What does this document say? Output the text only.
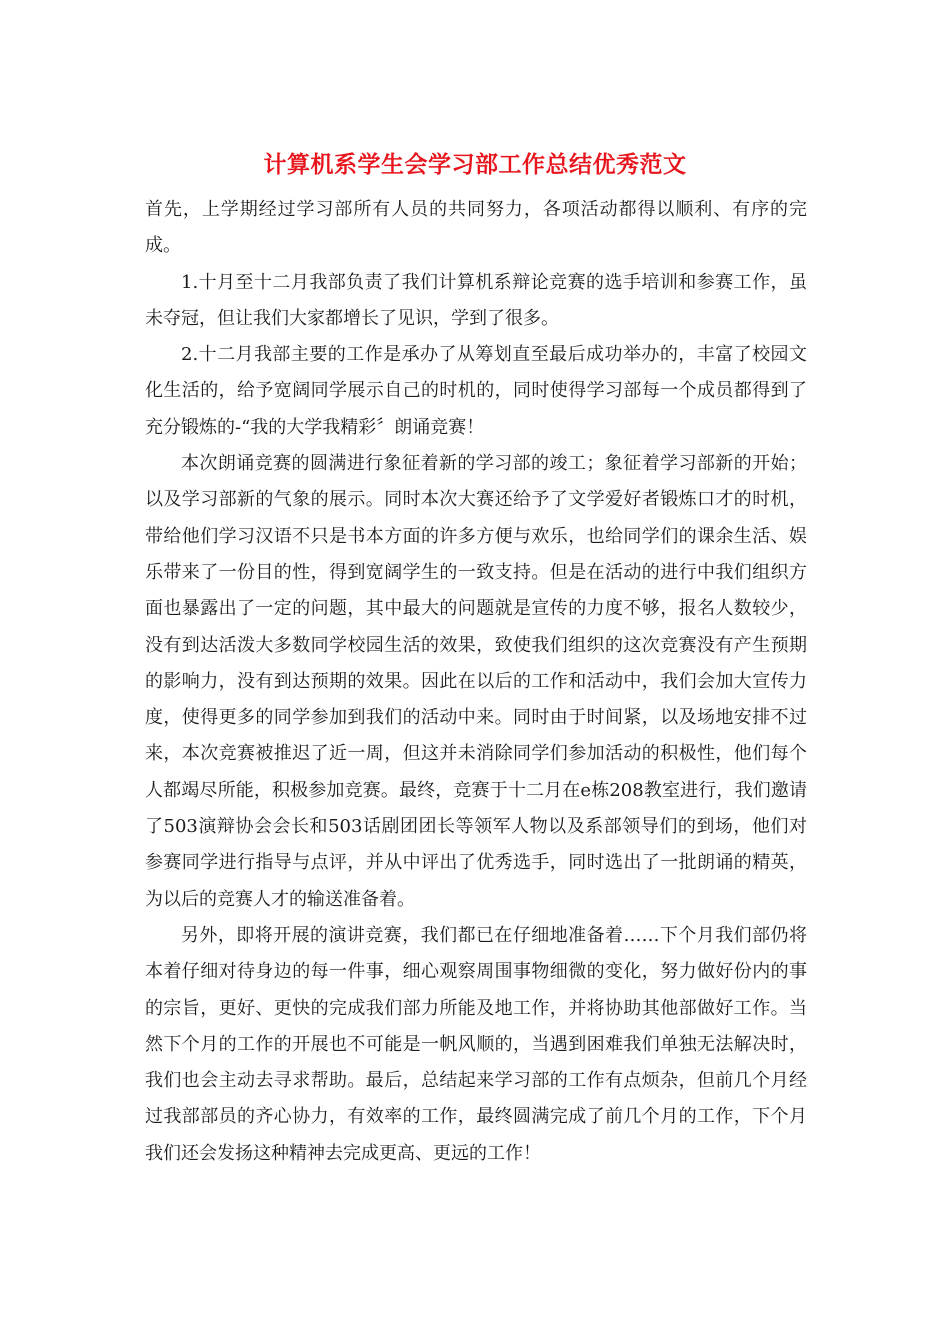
计算机系学生会学习部工作总结优秀范文

首先，上学期经过学习部所有人员的共同努力，各项活动都得以顺利、有序的完成。

1.十月至十二月我部负责了我们计算机系辩论竞赛的选手培训和参赛工作，虽未夺冠，但让我们大家都增长了见识，学到了很多。

2.十二月我部主要的工作是承办了从筹划直至最后成功举办的，丰富了校园文化生活的，给予宽阔同学展示自己的时机的，同时使得学习部每一个成员都得到了充分锻炼的-“我的大学我精彩〞朗诵竞赛！

本次朗诵竞赛的圆满进行象征着新的学习部的竣工；象征着学习部新的开始；以及学习部新的气象的展示。同时本次大赛还给予了文学爱好者锻炼口才的时机，带给他们学习汉语不只是书本方面的许多方便与欢乐，也给同学们的课余生活、娱乐带来了一份目的性，得到宽阔学生的一致支持。但是在活动的进行中我们组织方面也暴露出了一定的问题，其中最大的问题就是宣传的力度不够，报名人数较少，没有到达活泼大多数同学校园生活的效果，致使我们组织的这次竞赛没有产生预期的影响力，没有到达预期的效果。因此在以后的工作和活动中，我们会加大宣传力度，使得更多的同学参加到我们的活动中来。同时由于时间紧，以及场地安排不过来，本次竞赛被推迟了近一周，但这并未消除同学们参加活动的积极性，他们每个人都竭尽所能，积极参加竞赛。最终，竞赛于十二月在e栋208教室进行，我们邀请了503演辩协会会长和503话剧团团长等领军人物以及系部领导们的到场，他们对参赛同学进行指导与点评，并从中评出了优秀选手，同时选出了一批朗诵的精英，为以后的竞赛人才的输送准备着。

另外，即将开展的演讲竞赛，我们都已在仔细地准备着……下个月我们部仍将本着仔细对待身边的每一件事，细心观察周围事物细微的变化，努力做好份内的事的宗旨，更好、更快的完成我们部力所能及地工作，并将协助其他部做好工作。当然下个月的工作的开展也不可能是一帆风顺的，当遇到困难我们单独无法解决时，我们也会主动去寻求帮助。最后，总结起来学习部的工作有点烦杂，但前几个月经过我部部员的齐心协力，有效率的工作，最终圆满完成了前几个月的工作，下个月我们还会发扬这种精神去完成更高、更远的工作！
